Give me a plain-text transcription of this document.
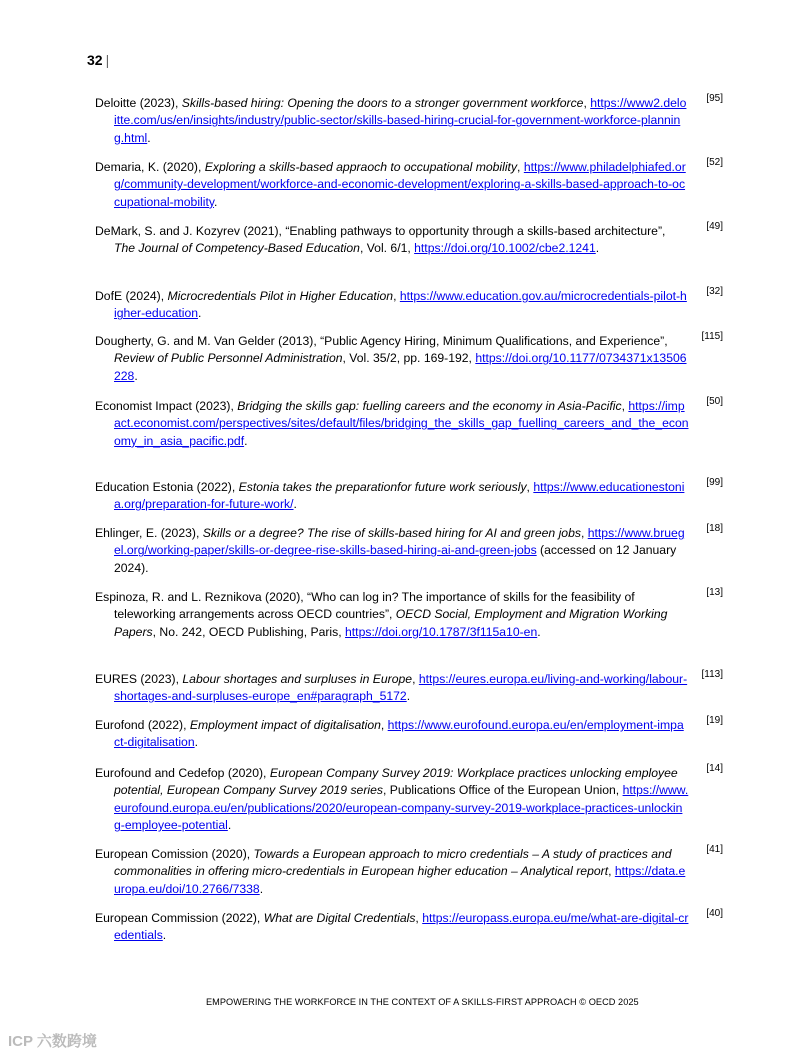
32 |
[95]
Deloitte (2023), Skills-based hiring: Opening the doors to a stronger government workforce, https://www2.deloitte.com/us/en/insights/industry/public-sector/skills-based-hiring-crucial-for-government-workforce-planning.html.
[52]
Demaria, K. (2020), Exploring a skills-based appraoch to occupational mobility, https://www.philadelphiafed.org/community-development/workforce-and-economic-development/exploring-a-skills-based-approach-to-occupational-mobility.
[49]
DeMark, S. and J. Kozyrev (2021), “Enabling pathways to opportunity through a skills-based architecture”, The Journal of Competency-Based Education, Vol. 6/1, https://doi.org/10.1002/cbe2.1241.
[32]
DofE (2024), Microcredentials Pilot in Higher Education, https://www.education.gov.au/microcredentials-pilot-higher-education.
[115]
Dougherty, G. and M. Van Gelder (2013), “Public Agency Hiring, Minimum Qualifications, and Experience”, Review of Public Personnel Administration, Vol. 35/2, pp. 169-192, https://doi.org/10.1177/0734371x13506228.
[50]
Economist Impact (2023), Bridging the skills gap: fuelling careers and the economy in Asia-Pacific, https://impact.economist.com/perspectives/sites/default/files/bridging_the_skills_gap_fuelling_careers_and_the_economy_in_asia_pacific.pdf.
[99]
Education Estonia (2022), Estonia takes the preparationfor future work seriously, https://www.educationestonia.org/preparation-for-future-work/.
[18]
Ehlinger, E. (2023), Skills or a degree? The rise of skills-based hiring for AI and green jobs, https://www.bruegel.org/working-paper/skills-or-degree-rise-skills-based-hiring-ai-and-green-jobs (accessed on 12 January 2024).
[13]
Espinoza, R. and L. Reznikova (2020), “Who can log in? The importance of skills for the feasibility of teleworking arrangements across OECD countries”, OECD Social, Employment and Migration Working Papers, No. 242, OECD Publishing, Paris, https://doi.org/10.1787/3f115a10-en.
[113]
EURES (2023), Labour shortages and surpluses in Europe, https://eures.europa.eu/living-and-working/labour-shortages-and-surpluses-europe_en#paragraph_5172.
[19]
Eurofond (2022), Employment impact of digitalisation, https://www.eurofound.europa.eu/en/employment-impact-digitalisation.
[14]
Eurofound and Cedefop (2020), European Company Survey 2019: Workplace practices unlocking employee potential, European Company Survey 2019 series, Publications Office of the European Union, https://www.eurofound.europa.eu/en/publications/2020/european-company-survey-2019-workplace-practices-unlocking-employee-potential.
[41]
European Comission (2020), Towards a European approach to micro credentials – A study of practices and commonalities in offering micro-credentials in European higher education – Analytical report, https://data.europa.eu/doi/10.2766/7338.
[40]
European Commission (2022), What are Digital Credentials, https://europass.europa.eu/me/what-are-digital-credentials.
EMPOWERING THE WORKFORCE IN THE CONTEXT OF A SKILLS-FIRST APPROACH © OECD 2025
ICP 六数跨境
